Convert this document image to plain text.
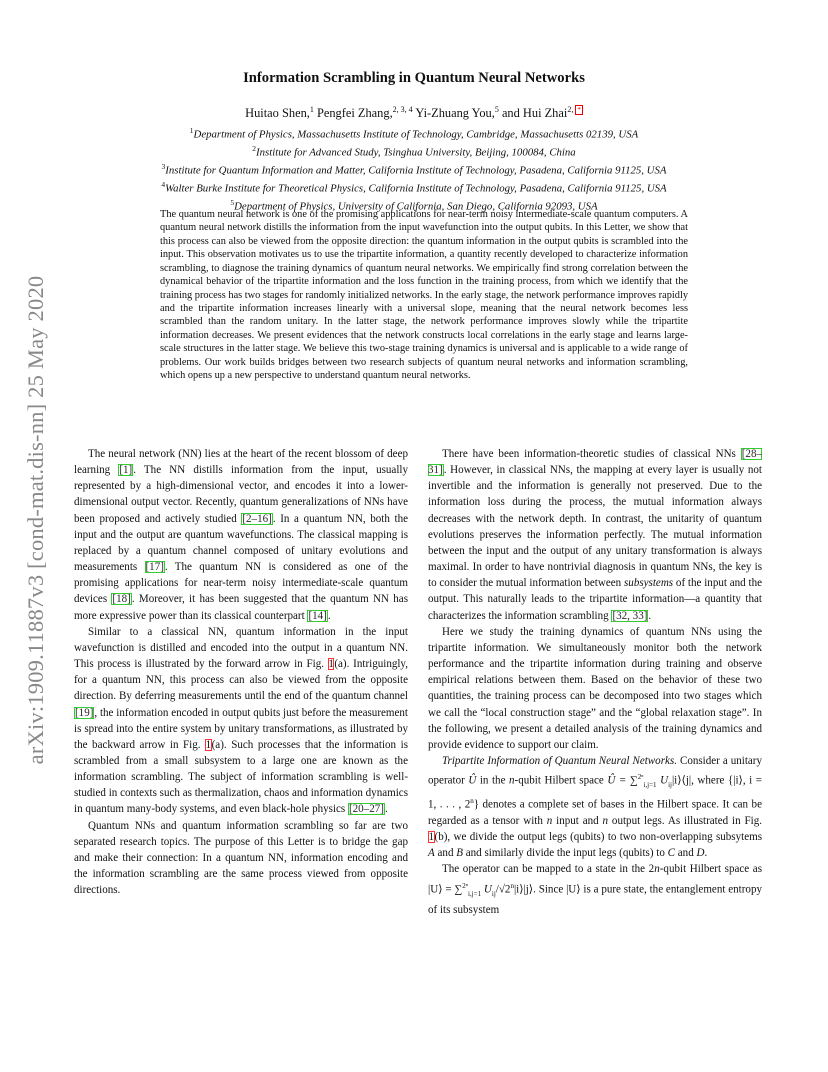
arXiv:1909.11887v3 [cond-mat.dis-nn] 25 May 2020
Information Scrambling in Quantum Neural Networks
Huitao Shen,$^1$ Pengfei Zhang,$^{2, 3, 4}$ Yi-Zhuang You,$^5$ and Hui Zhai$^{2, *}$
$^1$Department of Physics, Massachusetts Institute of Technology, Cambridge, Massachusetts 02139, USA
$^2$Institute for Advanced Study, Tsinghua University, Beijing, 100084, China
$^3$Institute for Quantum Information and Matter, California Institute of Technology, Pasadena, California 91125, USA
$^4$Walter Burke Institute for Theoretical Physics, California Institute of Technology, Pasadena, California 91125, USA
$^5$Department of Physics, University of California, San Diego, California 92093, USA
The quantum neural network is one of the promising applications for near-term noisy intermediate-scale quantum computers. A quantum neural network distills the information from the input wavefunction into the output qubits. In this Letter, we show that this process can also be viewed from the opposite direction: the quantum information in the output qubits is scrambled into the input. This observation motivates us to use the tripartite information, a quantity recently developed to characterize information scrambling, to diagnose the training dynamics of quantum neural networks. We empirically find strong correlation between the dynamical behavior of the tripartite information and the loss function in the training process, from which we identify that the training process has two stages for randomly initialized networks. In the early stage, the network performance improves rapidly and the tripartite information increases linearly with a universal slope, meaning that the neural network becomes less scrambled than the random unitary. In the latter stage, the network performance improves slowly while the tripartite information decreases. We present evidences that the network constructs local correlations in the early stage and learns large-scale structures in the latter stage. We believe this two-stage training dynamics is universal and is applicable to a wide range of problems. Our work builds bridges between two research subjects of quantum neural networks and information scrambling, which opens up a new perspective to understand quantum neural networks.

The neural network (NN) lies at the heart of the recent blossom of deep learning [1]. The NN distills information from the input, usually represented by a high-dimensional vector, and encodes it into a lower-dimensional output vector. Recently, quantum generalizations of NNs have been proposed and actively studied [2–16]. In a quantum NN, both the input and the output are quantum wavefunctions. The classical mapping is replaced by a quantum channel composed of unitary evolutions and measurements [17]. The quantum NN is considered as one of the promising applications for near-term noisy intermediate-scale quantum devices [18]. Moreover, it has been suggested that the quantum NN has more expressive power than its classical counterpart [14].

Similar to a classical NN, quantum information in the input wavefunction is distilled and encoded into the output in a quantum NN. This process is illustrated by the forward arrow in Fig. 1(a). Intriguingly, for a quantum NN, this process can also be viewed from the opposite direction. By deferring measurements until the end of the quantum channel [19], the information encoded in output qubits just before the measurement is spread into the entire system by unitary transformations, as illustrated by the backward arrow in Fig. 1(a). Such processes that the information is scrambled from a small subsystem to a large one are known as the information scrambling. The subject of information scrambling is well-studied in contexts such as thermalization, chaos and information dynamics in quantum many-body systems, and even black-hole physics [20–27].

Quantum NNs and quantum information scrambling so far are two separated research topics. The purpose of this Letter is to bridge the gap and make their connection: In a quantum NN, information encoding and the information scrambling are the same process viewed from opposite directions.

There have been information-theoretic studies of classical NNs [28–31]. However, in classical NNs, the mapping at every layer is usually not invertible and the information is generally not preserved. Due to the information loss during the process, the mutual information always decreases with the network depth. In contrast, the unitarity of quantum evolutions preserves the information perfectly. The mutual information between the input and the output of any unitary transformation is always maximal. In order to have nontrivial diagnosis in quantum NNs, the key is to consider the mutual information between subsystems of the input and the output. This naturally leads to the tripartite information—a quantity that characterizes the information scrambling [32, 33].

Here we study the training dynamics of quantum NNs using the tripartite information. We simultaneously monitor both the network performance and the tripartite information during training and observe empirical relations between them. Based on the behavior of these two quantities, the training process can be decomposed into two stages which we call the “local construction stage” and the “global relaxation stage”. In the following, we present a detailed analysis of the training dynamics and provide evidence to support our claim.

Tripartite Information of Quantum Neural Networks. Consider a unitary operator Û in the n-qubit Hilbert space Û = ∑$^{2^n}_{i,j=1}$ $U_{ij}|i⟩⟨j|$, where {|i⟩, i = 1, . . . , 2$^n$} denotes a complete set of bases in the Hilbert space. It can be regarded as a tensor with n input and n output legs. As illustrated in Fig. 1(b), we divide the output legs (qubits) to two non-overlapping subsytems A and B and similarly divide the input legs (qubits) to C and D.

The operator can be mapped to a state in the 2n-qubit Hilbert space as |U⟩ = ∑$^{2^n}_{i,j=1}$ $U_{ij}/√2^n|i⟩|j⟩$. Since |U⟩ is a pure state, the entanglement entropy of its subsystem
